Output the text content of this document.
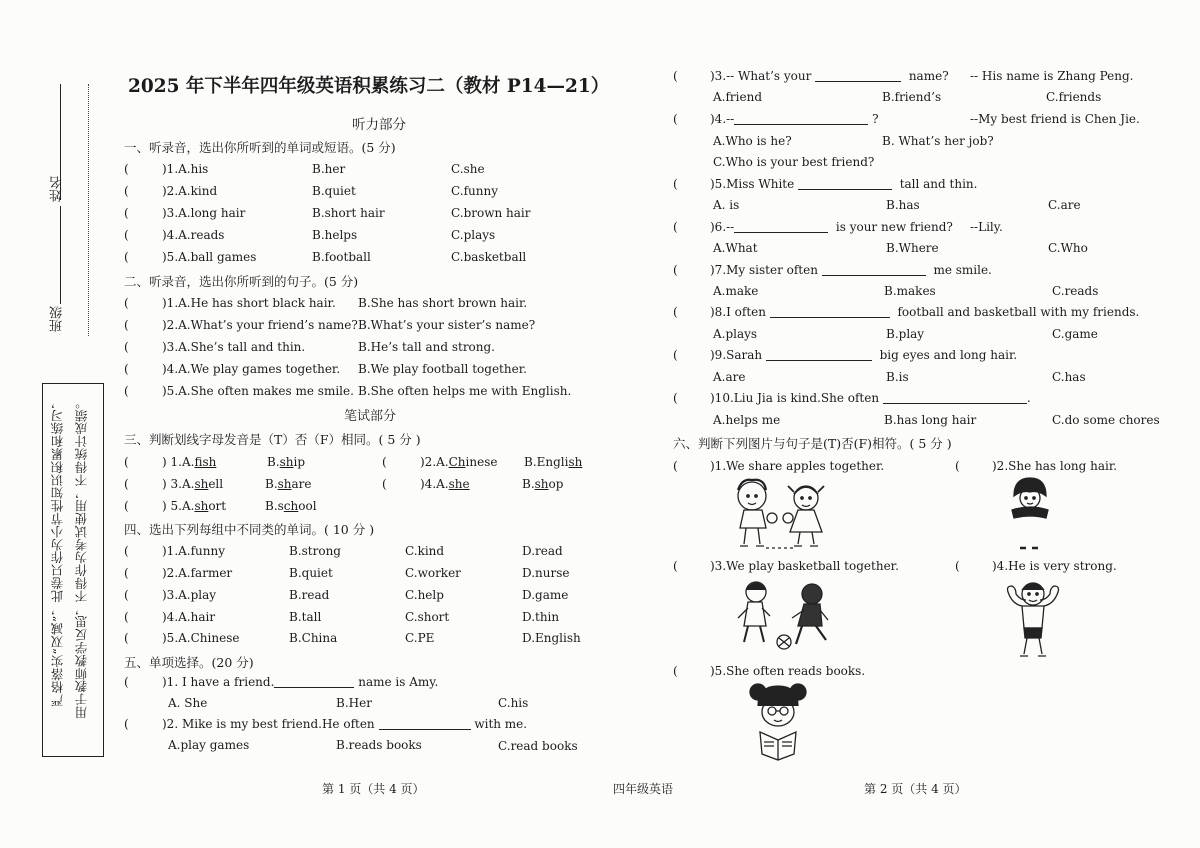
姓名
班级
严格落实“双减”，此卷只作为小节性知识积累和练习， 用于教师教学反思，不得作为考试使用，不得统计成绩。
2025 年下半年四年级英语积累练习二（教材 P14—21）
听力部分
一、听录音，选出你所听到的单词或短语。(5 分)
(	)1.A.his	B.her	C.she
(	)2.A.kind	B.quiet	C.funny
(	)3.A.long hair	B.short hair	C.brown hair
(	)4.A.reads	B.helps	C.plays
(	)5.A.ball games	B.football	C.basketball
二、听录音，选出你所听到的句子。(5 分)
(	)1.A.He has short black hair. B.She has short brown hair.
(	)2.A.What’s your friend’s name? B.What’s your sister’s name?
(	)3.A.She’s tall and thin.	B.He’s tall and strong.
(	)4.A.We play games together. B.We play football together.
(	)5.A.She often makes me smile. B.She often helps me with English.
笔试部分
三、判断划线字母发音是（T）否（F）相同。( 5 分 )
(	) 1.A.fish	B.ship	(	)2.A.Chinese B.English
(	) 3.A.shell	B.share	(	)4.A.she	B.shop
(	) 5.A.short	B.school
四、选出下列每组中不同类的单词。( 10 分 )
(	)1.A.funny	B.strong	C.kind	D.read
(	)2.A.farmer	B.quiet	C.worker	D.nurse
(	)3.A.play	B.read	C.help	D.game
(	)4.A.hair	B.tall	C.short	D.thin
(	)5.A.Chinese	B.China	C.PE	D.English
五、单项选择。(20 分)
(	)1. I have a friend.	name is Amy.
A. She	B.Her	C.his
(	)2. Mike is my best friend.He often	with me.
A.play games	B.reads books	C.read books
(	)3.-- What’s your	name? -- His name is Zhang Peng.
A.friend	B.friend’s	C.friends
(	)4.--	?	--My best friend is Chen Jie.
A.Who is he?	B. What’s her job?
C.Who is your best friend?
(	)5.Miss White	tall and thin.
A. is	B.has	C.are
(	)6.--	is your new friend? --Lily.
A.What	B.Where	C.Who
(	)7.My sister often	me smile.
A.make	B.makes	C.reads
(	)8.I often	football and basketball with my friends.
A.plays	B.play	C.game
(	)9.Sarah	big eyes and long hair.
A.are	B.is	C.has
(	)10.Liu Jia is kind.She often	.
A.helps me	B.has long hair	C.do some chores
六、判断下列图片与句子是(T)否(F)相符。( 5 分 )
(	)1.We share apples together.	(	)2.She has long hair.
(	)3.We play basketball together.	(	)4.He is very strong.
(	)5.She often reads books.
第 1 页（共 4 页）	四年级英语	第 2 页（共 4 页）
